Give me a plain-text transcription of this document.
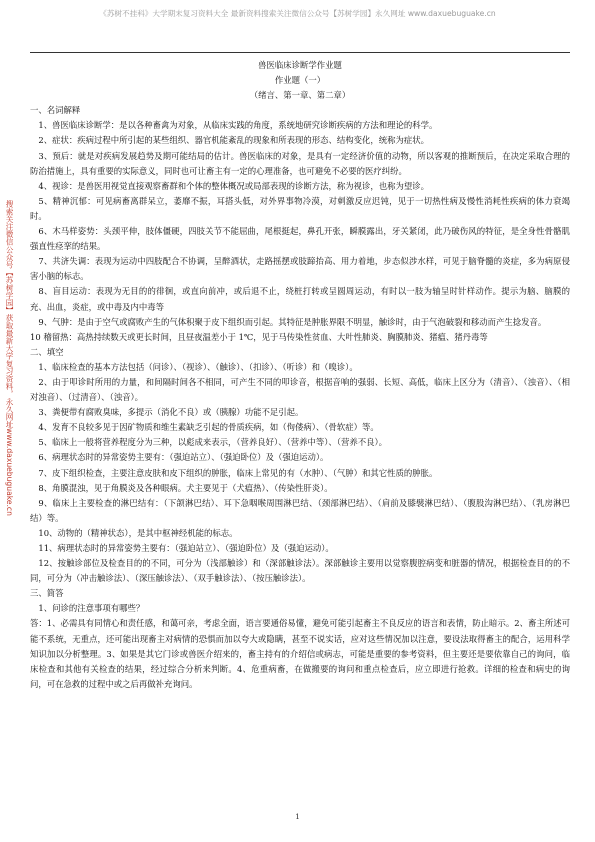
《苏树不挂科》大学期末复习资料大全 最新资料搜索关注微信公众号【苏树学园】永久网址 www.daxuebuguake.cn
搜索关注微信公众号【苏树学园】获取最新大学复习资料，永久网址www.daxuebuguake.cn

兽医临床诊断学作业题

作业题（一）

（绪言、第一章、第二章）

一、名词解释

1、兽医临床诊断学：是以各种畜禽为对象，从临床实践的角度，系统地研究诊断疾病的方法和理论的科学。

2、症状：疾病过程中所引起的某些组织、器官机能紊乱的现象和所表现的形态、结构变化，统称为症状。

3、预后：就是对疾病发展趋势及期可能结局的估计。兽医临床的对象，是具有一定经济价值的动物，所以客观的推断预后，在决定采取合理的防治措施上，具有重要的实际意义，同时也可让畜主有一定的心理准备，也可避免不必要的医疗纠纷。

4、视诊：是兽医用视觉直接观察畜群和个体的整体概况或局部表现的诊断方法，称为视诊，也称为望诊。

5、精神沉郁：可见病畜离群呆立，萎靡不振，耳搭头低，对外界事物冷漠，对刺激反应迟钝，见于一切热性病及慢性消耗性疾病的体力衰竭时。

6、木马样姿势：头颈平伸，肢体僵硬，四肢关节不能屈曲，尾根挺起，鼻孔开张，瞬膜露出，牙关紧闭，此乃破伤风的特征，是全身性骨骼肌强直性痉挛的结果。

7、共济失调：表现为运动中四肢配合不协调，呈醉酒状，走路摇摆或肢蹄抬高、用力着地，步态似涉水样，可见于脑脊髓的炎症，多为病原侵害小脑的标志。

8、盲目运动：表现为无目的的徘徊，或直向前冲，或后退不止，绕桩打转或呈圆周运动，有时以一肢为轴呈时针样动作。提示为脑、脑膜的充、出血，炎症，或中毒及内中毒等

9、气肿：是由于空气或腐败产生的气体积聚于皮下组织而引起。其特征是肿胀界限不明显，触诊时，由于气泡破裂和移动而产生捻发音。

10 稽留热：高热持续数天或更长时间，且昼夜温差小于 1℃，见于马传染性贫血、大叶性肺炎、胸膜肺炎、猪瘟、猪丹毒等

二、填空

1、临床检查的基本方法包括（问诊）、（视诊）、（触诊）、（扣诊）、（听诊）和（嗅诊）。

2、由于叩诊时所用的力量，和间隔时间各不相同，可产生不同的叩诊音，根据音响的强弱、长短、高低，临床上区分为（清音）、（浊音）、（相对浊音）、（过清音）、（浊音）。

3、粪便带有腐败臭味，多提示（消化不良）或（胰腺）功能不足引起。

4、发育不良较多见于因矿物质和维生素缺乏引起的骨质疾病，如（佝偻病）、（骨软症）等。

5、临床上一般将营养程度分为三种，以彪成来表示，（营养良好）、（营养中等）、（营养不良）。

6、病理状态时的异常姿势主要有：（强迫站立）、（强迫卧位）及（强迫运动）。

7、皮下组织检查，主要注意皮肤和皮下组织的肿胀，临床上常见的有（水肿）、（气肿）和其它性质的肿胀。

8、角膜混浊，见于角膜炎及各种眼病。犬主要见于（犬瘟热）、（传染性肝炎）。

9、临床上主要检查的淋巴结有：（下颌淋巴结）、耳下急咽喉周围淋巴结、（颈部淋巴结）、（肩前及膝襞淋巴结）、（腹股沟淋巴结）、（乳房淋巴结）等。

10、动物的（精神状态），是其中枢神经机能的标志。

11、病理状态时的异常姿势主要有：（强迫站立）、（强迫卧位）及（强迫运动）。

12、按触诊部位及检查目的的不同，可分为（浅部触诊）和（深部触诊法）。深部触诊主要用以觉察腹腔病变和脏器的情况，根据检查目的的不同，可分为（冲击触诊法）、（深压触诊法）、（双手触诊法）、（按压触诊法）。

三、简答

1、问诊的注意事项有哪些？

答：1、必需具有同情心和责任感，和蔼可亲，考虑全面，语言要通俗易懂，避免可能引起畜主不良反应的语言和表情，防止暗示。2、畜主所述可能不系统，无重点，还可能出现畜主对病情的恐惧而加以夸大或隐瞒，甚至不说实话，应对这些情况加以注意，要设法取得畜主的配合，运用科学知识加以分析整理。3、如果是其它门诊或兽医介绍来的，畜主持有的介绍信或病志，可能是重要的参考资料，但主要还是要依靠自己的询问，临床检查和其他有关检查的结果，经过综合分析来判断。4、危重病畜，在做搬要的询问和重点检查后，应立即进行抢救。详细的检查和病史的询问，可在急救的过程中或之后再做补充询问。

1
